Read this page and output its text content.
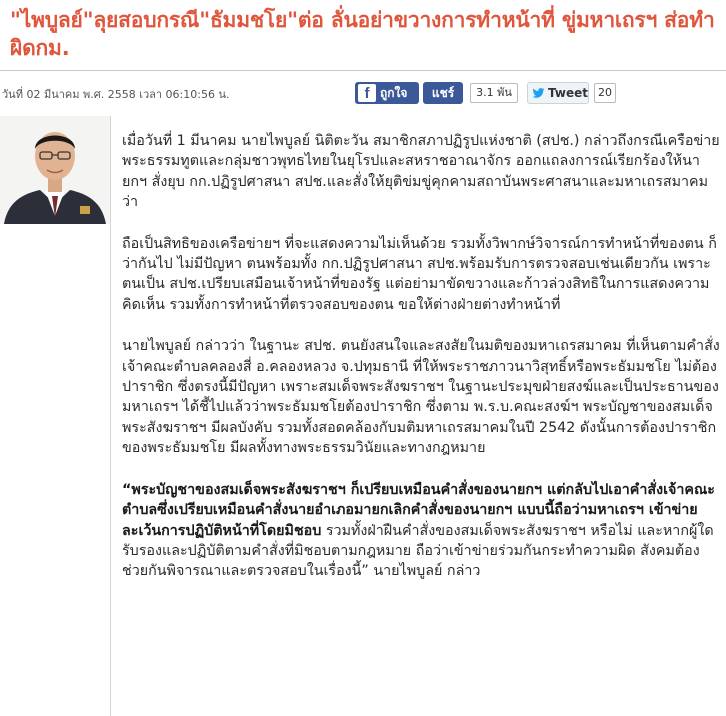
"ไพบูลย์"ลุยสอบกรณี"ธัมมชโย"ต่อ ลั่นอย่าขวางการทำหน้าที่ ขู่มหาเถรฯ ส่อทำผิดกม.
วันที่ 02 มีนาคม พ.ศ. 2558 เวลา 06:10:56 น.	f ถูกใจ	แชร์	3.1 พัน	Tweet 20

เมื่อวันที่ 1 มีนาคม นายไพบูลย์ นิติตะวัน สมาชิกสภาปฏิรูปแห่งชาติ (สปช.) กล่าวถึงกรณีเครือข่ายพระธรรมทูตและกลุ่มชาวพุทธไทยในยุโรปและสหราชอาณาจักร ออกแถลงการณ์เรียกร้องให้นายกฯ สั่งยุบ กก.ปฏิรูปศาสนา สปช.และสั่งให้ยุติข่มขู่คุกคามสถาบันพระศาสนาและมหาเถรสมาคมว่า

ถือเป็นสิทธิของเครือข่ายฯ ที่จะแสดงความไม่เห็นด้วย รวมทั้งวิพากษ์วิจารณ์การทำหน้าที่ของตน ก็ว่ากันไป ไม่มีปัญหา ตนพร้อมทั้ง กก.ปฏิรูปศาสนา สปช.พร้อมรับการตรวจสอบเช่นเดียวกัน เพราะตนเป็น สปช.เปรียบเสมือนเจ้าหน้าที่ของรัฐ แต่อย่ามาขัดขวางและก้าวล่วงสิทธิในการแสดงความคิดเห็น รวมทั้งการทำหน้าที่ตรวจสอบของตน ขอให้ต่างฝ่ายต่างทำหน้าที่

นายไพบูลย์ กล่าวว่า ในฐานะ สปช. ตนยังสนใจและสงสัยในมติของมหาเถรสมาคม ที่เห็นตามคำสั่งเจ้าคณะตำบลคลองสี่ อ.คลองหลวง จ.ปทุมธานี ที่ให้พระราชภาวนาวิสุทธิ์หรือพระธัมมชโย ไม่ต้องปาราชิก ซึ่งตรงนี้มีปัญหา เพราะสมเด็จพระสังฆราชฯ ในฐานะประมุขฝ่ายสงฆ์และเป็นประธานของมหาเถรฯ ได้ชี้ไปแล้วว่าพระธัมมชโยต้องปาราชิก ซึ่งตาม พ.ร.บ.คณะสงฆ์ฯ พระบัญชาของสมเด็จพระสังฆราชฯ มีผลบังคับ รวมทั้งสอดคล้องกับมติมหาเถรสมาคมในปี 2542 ดังนั้นการต้องปาราชิกของพระธัมมชโย มีผลทั้งทางพระธรรมวินัยและทางกฎหมาย

“พระบัญชาของสมเด็จพระสังฆราชฯ ก็เปรียบเหมือนคำสั่งของนายกฯ แต่กลับไปเอาคำสั่งเจ้าคณะตำบลซึ่งเปรียบเหมือนคำสั่งนายอำเภอมายกเลิกคำสั่งของนายกฯ แบบนี้ถือว่ามหาเถรฯ เข้าข่ายละเว้นการปฏิบัติหน้าที่โดยมิชอบ รวมทั้งฝ่าฝืนคำสั่งของสมเด็จพระสังฆราชฯ หรือไม่ และหากผู้ใดรับรองและปฏิบัติตามคำสั่งที่มิชอบตามกฎหมาย ถือว่าเข้าข่ายร่วมกันกระทำความผิด สังคมต้องช่วยกันพิจารณาและตรวจสอบในเรื่องนี้” นายไพบูลย์ กล่าว
